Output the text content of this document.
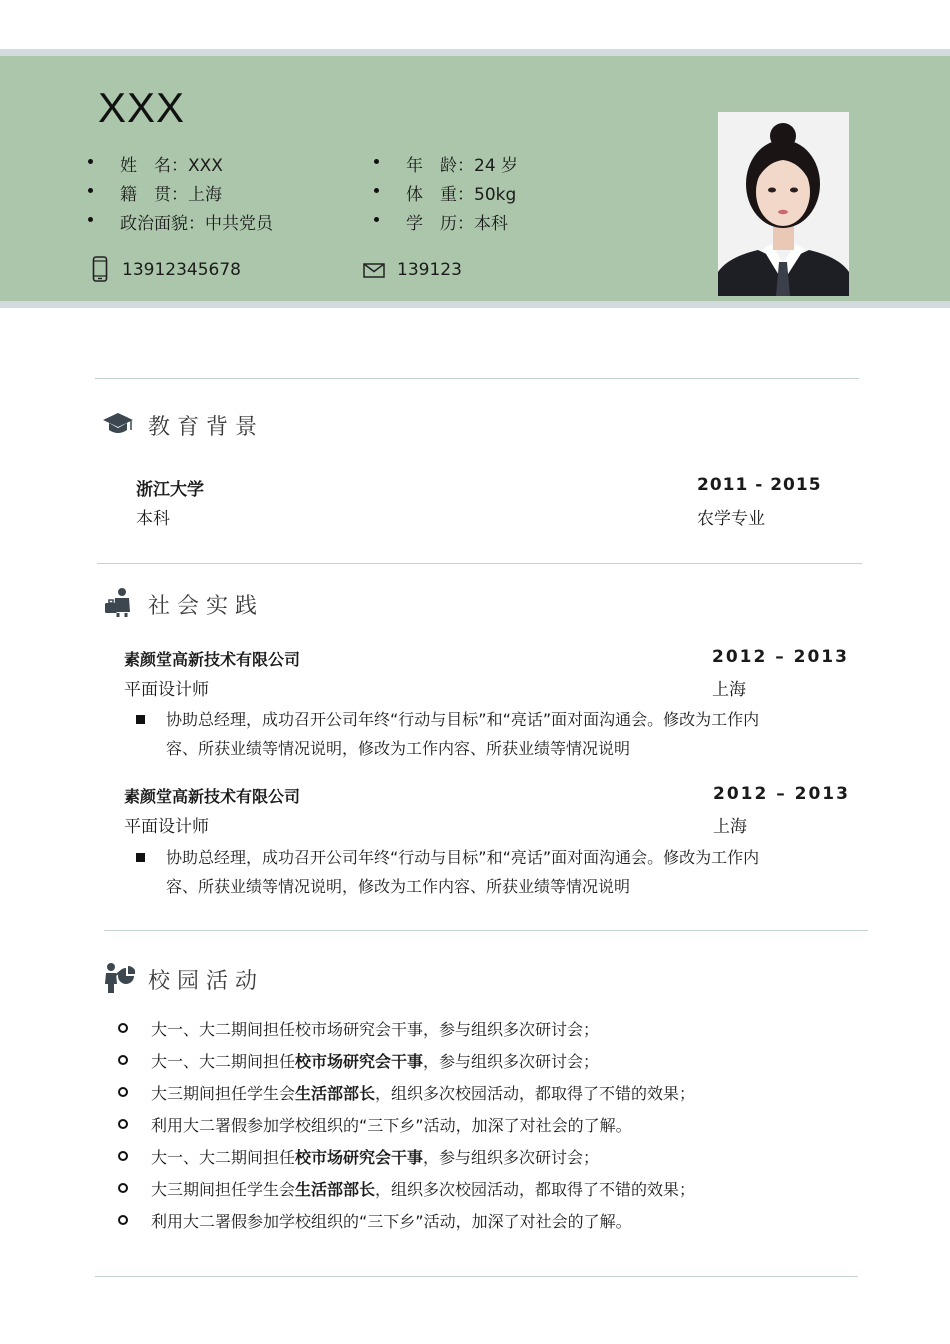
XXX
姓　名：XXX
籍　贯：上海
政治面貌：中共党员
年　龄：24 岁
体　重：50kg
学　历：本科
13912345678	139123
教育背景
浙江大学	2011 - 2015
本科	农学专业
社会实践
素颜堂高新技术有限公司	2012 – 2013
平面设计师	上海
协助总经理，成功召开公司年终“行动与目标”和“亮话”面对面沟通会。修改为工作内容、所获业绩等情况说明，修改为工作内容、所获业绩等情况说明
素颜堂高新技术有限公司	2012 – 2013
平面设计师	上海
协助总经理，成功召开公司年终“行动与目标”和“亮话”面对面沟通会。修改为工作内容、所获业绩等情况说明，修改为工作内容、所获业绩等情况说明
校园活动
大一、大二期间担任校市场研究会干事，参与组织多次研讨会；
大一、大二期间担任校市场研究会干事，参与组织多次研讨会；
大三期间担任学生会生活部部长，组织多次校园活动，都取得了不错的效果；
利用大二署假参加学校组织的“三下乡”活动，加深了对社会的了解。
大一、大二期间担任校市场研究会干事，参与组织多次研讨会；
大三期间担任学生会生活部部长，组织多次校园活动，都取得了不错的效果；
利用大二署假参加学校组织的“三下乡”活动，加深了对社会的了解。
